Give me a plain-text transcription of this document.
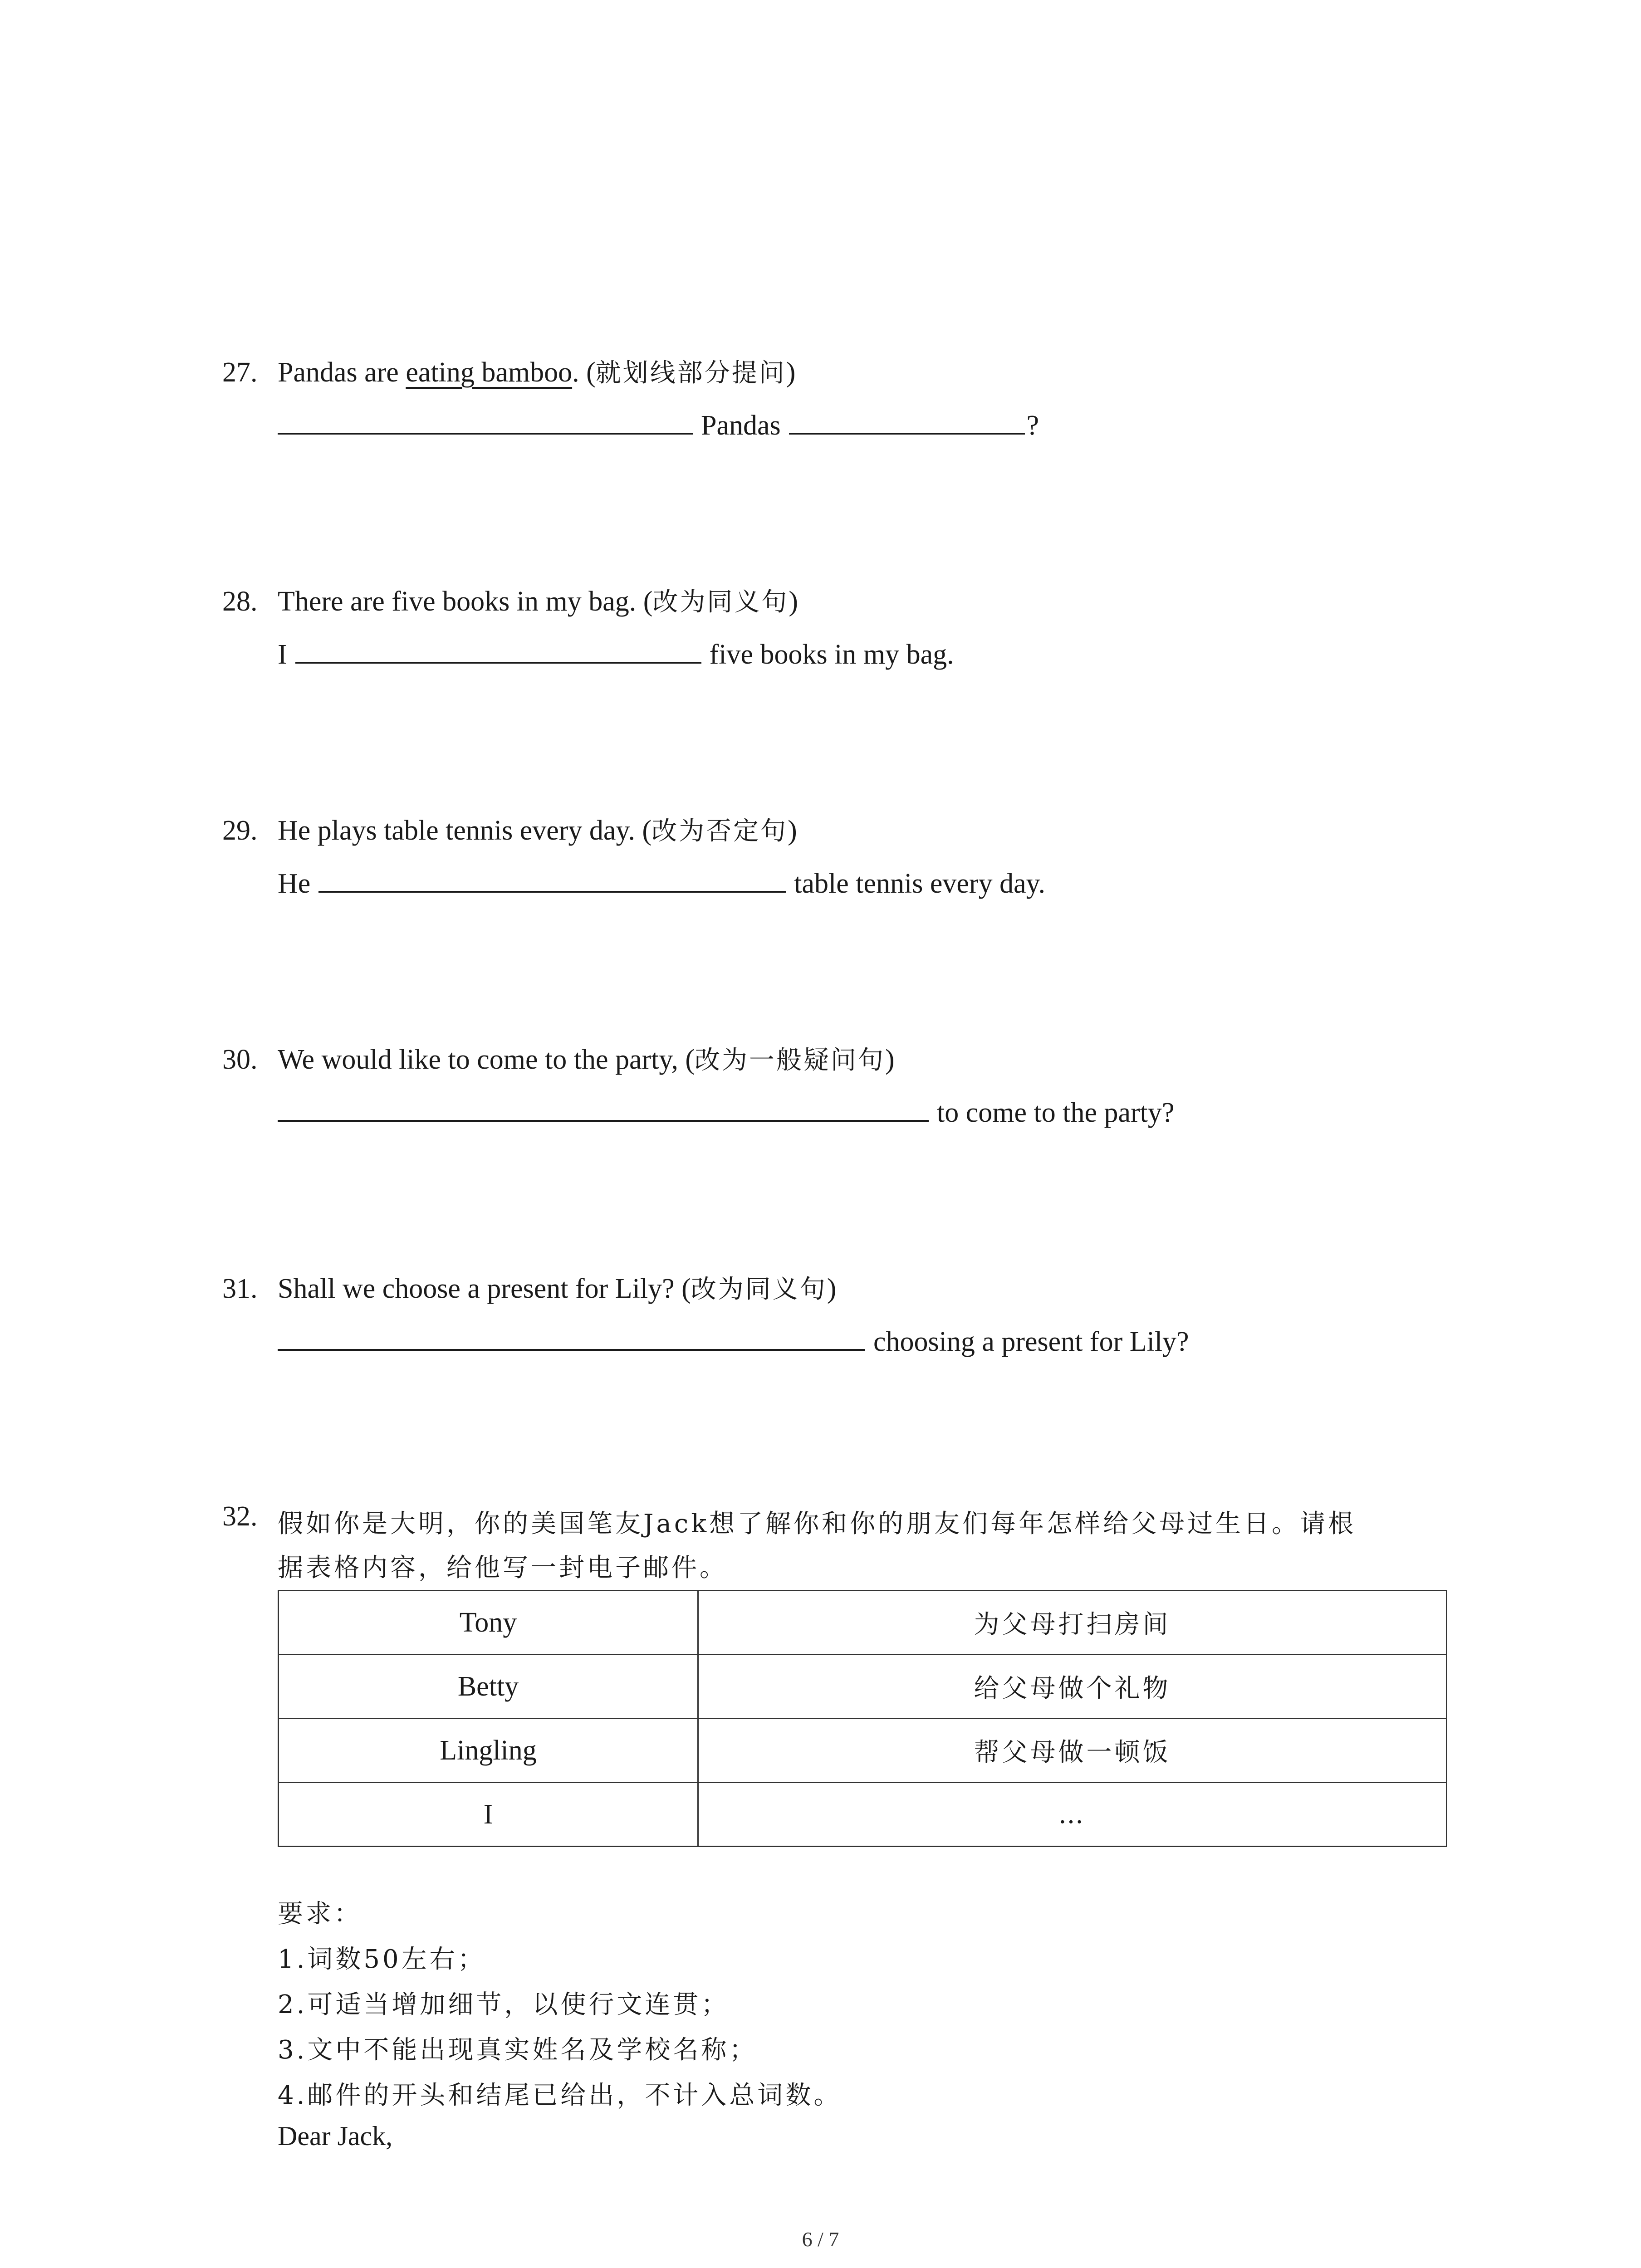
27. Pandas are eating bamboo. (就划线部分提问)
Pandas	?
28. There are five books in my bag. (改为同义句)
I	five books in my bag.
29. He plays table tennis every day. (改为否定句)
He	table tennis every day.
30. We would like to come to the party, (改为一般疑问句)
to come to the party?
31. Shall we choose a present for Lily? (改为同义句)
choosing a present for Lily?
32. 假如你是大明，你的美国笔友Jack想了解你和你的朋友们每年怎样给父母过生日。请根
据表格内容，给他写一封电子邮件。
Tony	为父母打扫房间
Betty	给父母做个礼物
Lingling	帮父母做一顿饭
I	…
要求：
1.词数50左右；
2.可适当增加细节，以使行文连贯；
3.文中不能出现真实姓名及学校名称；
4.邮件的开头和结尾已给出，不计入总词数。
Dear Jack,
6 / 7
